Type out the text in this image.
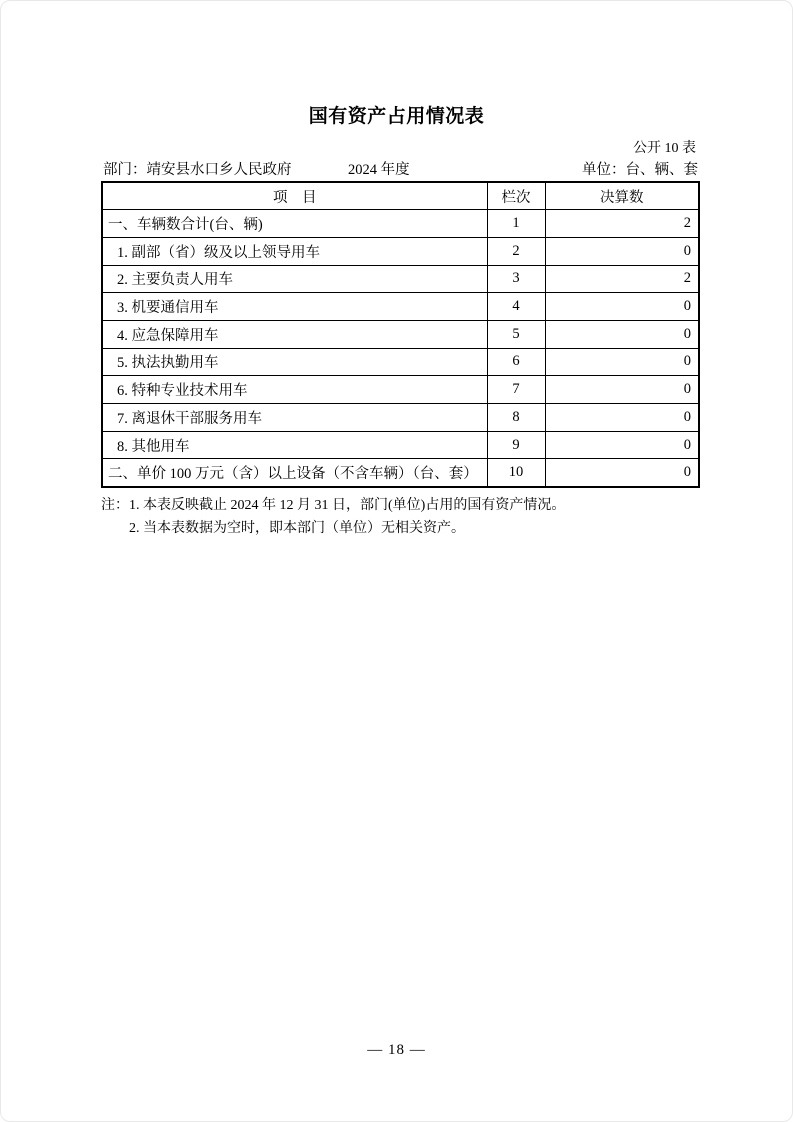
国有资产占用情况表
公开 10 表
部门：靖安县水口乡人民政府	2024 年度	单位：台、辆、套
项　目	栏次	决算数
一、车辆数合计(台、辆)	1	2
1. 副部（省）级及以上领导用车	2	0
2. 主要负责人用车	3	2
3. 机要通信用车	4	0
4. 应急保障用车	5	0
5. 执法执勤用车	6	0
6. 特种专业技术用车	7	0
7. 离退休干部服务用车	8	0
8. 其他用车	9	0
二、单价 100 万元（含）以上设备（不含车辆）（台、套）	10	0
注：1. 本表反映截止 2024 年 12 月 31 日，部门(单位)占用的国有资产情况。
2. 当本表数据为空时，即本部门（单位）无相关资产。
— 18 —
